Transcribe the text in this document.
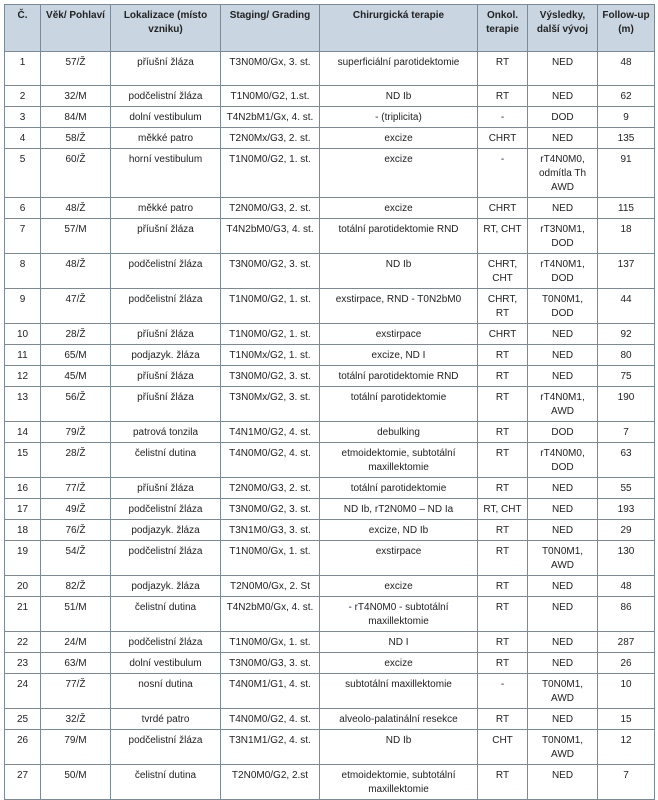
Č.	Věk/ Pohlaví	Lokalizace (místo vzniku)	Staging/ Grading	Chirurgická terapie	Onkol. terapie	Výsledky, další vývoj	Follow-up (m)
1	57/Ž	příušní žláza	T3N0M0/Gx, 3. st.	superficiální parotidektomie	RT	NED	48
2	32/M	podčelistní žláza	T1N0M0/G2, 1.st.	ND Ib	RT	NED	62
3	84/M	dolní vestibulum	T4N2bM1/Gx, 4. st.	- (triplicita)	-	DOD	9
4	58/Ž	měkké patro	T2N0Mx/G3, 2. st.	excize	CHRT	NED	135
5	60/Ž	horní vestibulum	T1N0M0/G2, 1. st.	excize	-	rT4N0M0, odmítla Th AWD	91
6	48/Ž	měkké patro	T2N0M0/G3, 2. st.	excize	CHRT	NED	115
7	57/M	příušní žláza	T4N2bM0/G3, 4. st.	totální parotidektomie RND	RT, CHT	rT3N0M1, DOD	18
8	48/Ž	podčelistní žláza	T3N0M0/G2, 3. st.	ND Ib	CHRT, CHT	rT4N0M1, DOD	137
9	47/Ž	podčelistní žláza	T1N0M0/G2, 1. st.	exstirpace, RND - T0N2bM0	CHRT, RT	T0N0M1, DOD	44
10	28/Ž	příušní žláza	T1N0M0/G2, 1. st.	exstirpace	CHRT	NED	92
11	65/M	podjazyk. žláza	T1N0Mx/G2, 1. st.	excize, ND I	RT	NED	80
12	45/M	příušní žláza	T3N0M0/G2, 3. st.	totální parotidektomie RND	RT	NED	75
13	56/Ž	příušní žláza	T3N0Mx/G2, 3. st.	totální parotidektomie	RT	rT4N0M1, AWD	190
14	79/Ž	patrová tonzila	T4N1M0/G2, 4. st.	debulking	RT	DOD	7
15	28/Ž	čelistní dutina	T4N0M0/G2, 4. st.	etmoidektomie, subtotální maxillektomie	RT	rT4N0M0, DOD	63
16	77/Ž	příušní žláza	T2N0M0/G3, 2. st.	totální parotidektomie	RT	NED	55
17	49/Ž	podčelistní žláza	T3N0M0/G2, 3. st.	ND Ib, rT2N0M0 – ND Ia	RT, CHT	NED	193
18	76/Ž	podjazyk. žláza	T3N1M0/G3, 3. st.	excize, ND Ib	RT	NED	29
19	54/Ž	podčelistní žláza	T1N0M0/Gx, 1. st.	exstirpace	RT	T0N0M1, AWD	130
20	82/Ž	podjazyk. žláza	T2N0M0/Gx, 2. St	excize	RT	NED	48
21	51/M	čelistní dutina	T4N2bM0/Gx, 4. st.	- rT4N0M0 - subtotální maxillektomie	RT	NED	86
22	24/M	podčelistní žláza	T1N0M0/Gx, 1. st.	ND I	RT	NED	287
23	63/M	dolní vestibulum	T3N0M0/G3, 3. st.	excize	RT	NED	26
24	77/Ž	nosní dutina	T4N0M1/G1, 4. st.	subtotální maxillektomie	-	T0N0M1, AWD	10
25	32/Ž	tvrdé patro	T4N0M0/G2, 4. st.	alveolo-palatinální resekce	RT	NED	15
26	79/M	podčelistní žláza	T3N1M1/G2, 4. st.	ND Ib	CHT	T0N0M1, AWD	12
27	50/M	čelistní dutina	T2N0M0/G2, 2.st	etmoidektomie, subtotální maxillektomie	RT	NED	7
